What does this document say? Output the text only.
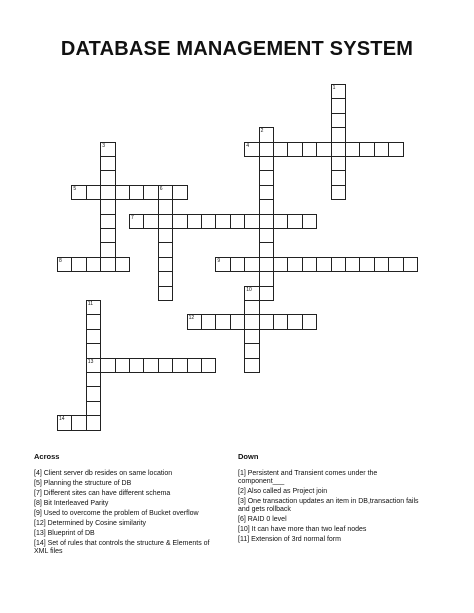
DATABASE MANAGEMENT SYSTEM
1
2
3	4
5	6
7
8	9
10
11
12
13
14
Across	Down
[4] Client server db resides on same location
[5] Planning the structure of DB
[7] Different sites can have different schema
[8] Bit Interleaved Parity
[9] Used to overcome the problem of Bucket overflow
[12] Determined by Cosine similarity
[13] Blueprint of DB
[14] Set of rules that controls the structure & Elements of XML files
[1] Persistent and Transient comes under the component___
[2] Also called as Project join
[3] One transaction updates an item in DB,transaction fails and gets rollback
[6] RAID 0 level
[10] It can have more than two leaf nodes
[11] Extension of 3rd normal form
